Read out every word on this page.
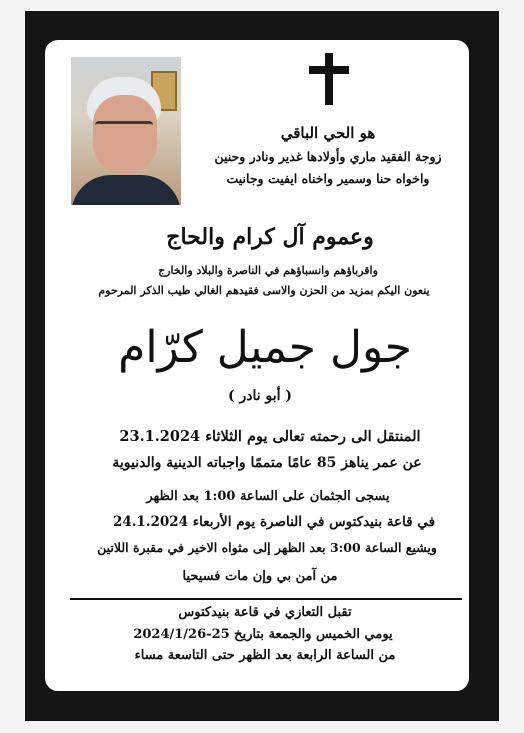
هو الحي الباقي
زوجة الفقيد ماري وأولادها غدير ونادر وحنين
واخواه حنا وسمير واخناه ايفيت وجانيت
وعموم آل كرام والحاج
واقرباؤهم وانسباؤهم في الناصرة والبلاد والخارج
ينعون اليكم بمزيد من الحزن والاسى فقيدهم الغالي طيب الذكر المرحوم
جول جميل كرّام
( أبو نادر )
المنتقل الى رحمته تعالى يوم الثلاثاء 23.1.2024
عن عمر يناهز 85 عامًا متممًا واجباته الدينية والدنيوية
يسجى الجثمان على الساعة 1:00 بعد الظهر
في قاعة بنيدكتوس في الناصرة يوم الأربعاء 24.1.2024
ويشيع الساعة 3:00 بعد الظهر إلى مثواه الاخير في مقبرة اللاتين
من آمن بي وإن مات فسيحيا
تقبل التعازي في قاعة بنيدكتوس
يومي الخميس والجمعة بتاريخ 25-2024/1/26
من الساعة الرابعة بعد الظهر حتى التاسعة مساء
